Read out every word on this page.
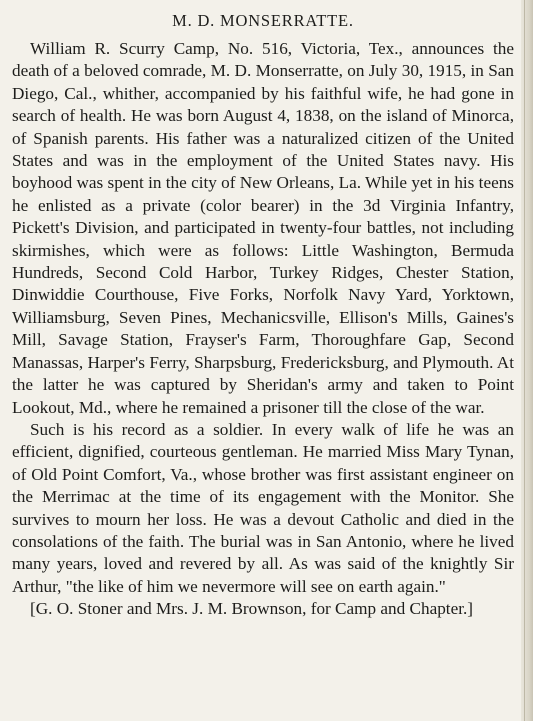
M. D. MONSERRATTE.

William R. Scurry Camp, No. 516, Victoria, Tex., announces the death of a beloved comrade, M. D. Monserratte, on July 30, 1915, in San Diego, Cal., whither, accompanied by his faithful wife, he had gone in search of health. He was born August 4, 1838, on the island of Minorca, of Spanish parents. His father was a naturalized citizen of the United States and was in the employment of the United States navy. His boyhood was spent in the city of New Orleans, La. While yet in his teens he enlisted as a private (color bearer) in the 3d Virginia Infantry, Pickett's Division, and participated in twenty-four battles, not including skirmishes, which were as follows: Little Washington, Bermuda Hundreds, Second Cold Harbor, Turkey Ridges, Chester Station, Dinwiddie Courthouse, Five Forks, Norfolk Navy Yard, Yorktown, Williamsburg, Seven Pines, Mechanicsville, Ellison's Mills, Gaines's Mill, Savage Station, Frayser's Farm, Thoroughfare Gap, Second Manassas, Harper's Ferry, Sharpsburg, Fredericksburg, and Plymouth. At the latter he was captured by Sheridan's army and taken to Point Lookout, Md., where he remained a prisoner till the close of the war.

Such is his record as a soldier. In every walk of life he was an efficient, dignified, courteous gentleman. He married Miss Mary Tynan, of Old Point Comfort, Va., whose brother was first assistant engineer on the Merrimac at the time of its engagement with the Monitor. She survives to mourn her loss. He was a devout Catholic and died in the consolations of the faith. The burial was in San Antonio, where he lived many years, loved and revered by all. As was said of the knightly Sir Arthur, "the like of him we nevermore will see on earth again."

[G. O. Stoner and Mrs. J. M. Brownson, for Camp and Chapter.]
